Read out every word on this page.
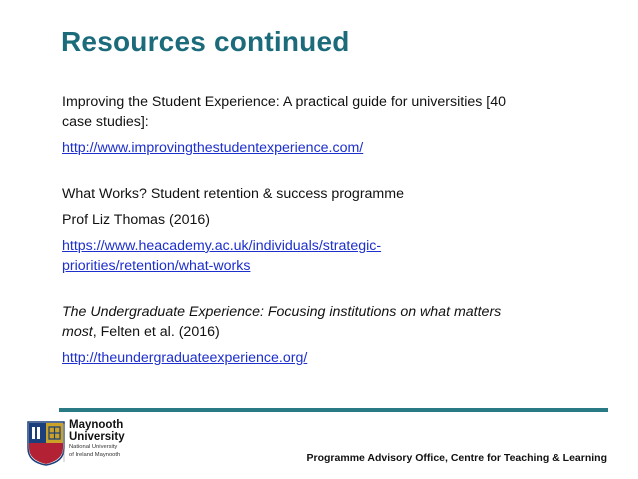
Resources continued

Improving the Student Experience: A practical guide for universities [40
case studies]:

http://www.improvingthestudentexperience.com/

What Works? Student retention & success programme

Prof Liz Thomas (2016)

https://www.heacademy.ac.uk/individuals/strategic-
priorities/retention/what-works

The Undergraduate Experience: Focusing institutions on what matters
most, Felten et al. (2016)

http://theundergraduateexperience.org/

Maynooth
University
National University
of Ireland Maynooth	Programme Advisory Office, Centre for Teaching & Learning
